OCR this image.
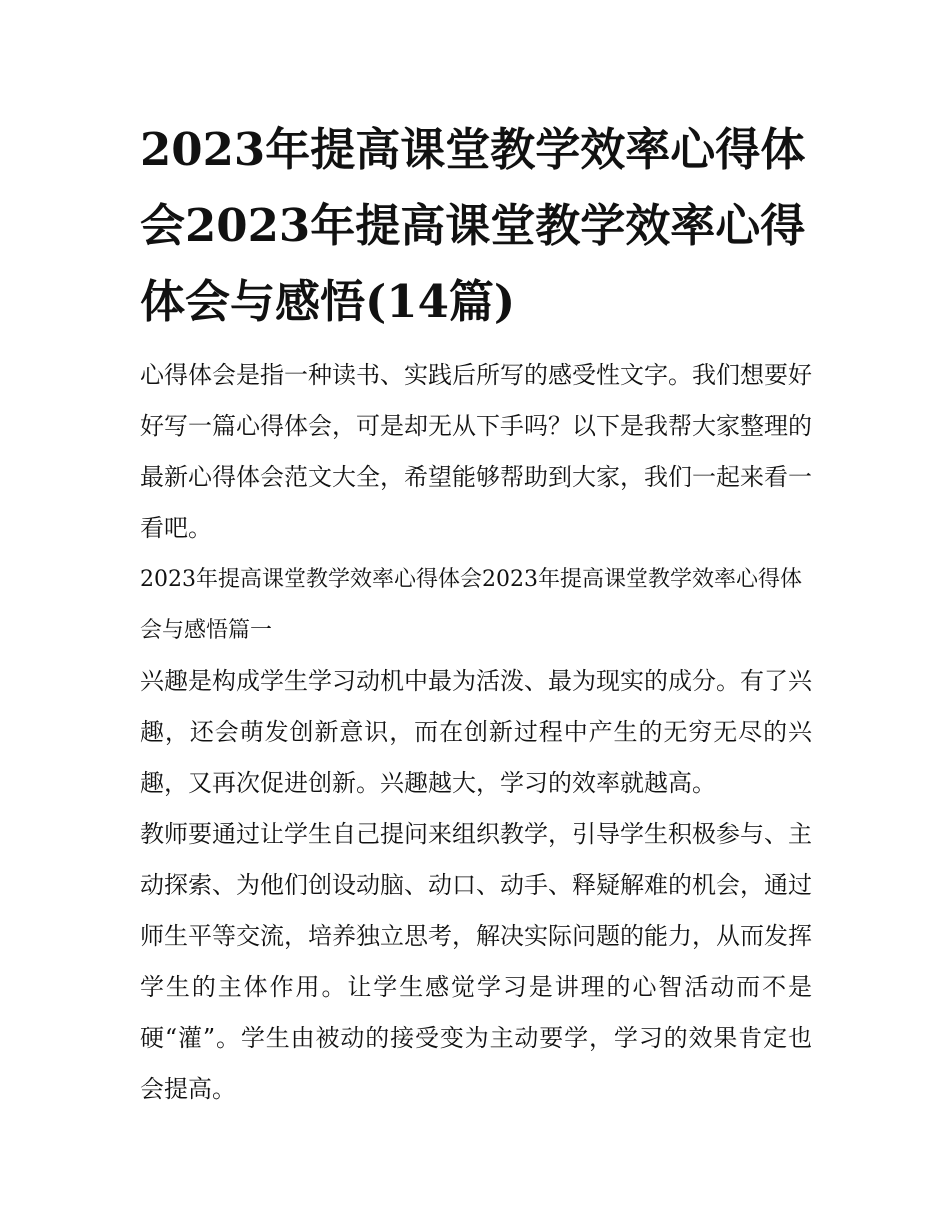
2023年提高课堂教学效率心得体会2023年提高课堂教学效率心得体会与感悟(14篇)

心得体会是指一种读书、实践后所写的感受性文字。我们想要好好写一篇心得体会，可是却无从下手吗？以下是我帮大家整理的最新心得体会范文大全，希望能够帮助到大家，我们一起来看一看吧。

2023年提高课堂教学效率心得体会2023年提高课堂教学效率心得体会与感悟篇一

兴趣是构成学生学习动机中最为活泼、最为现实的成分。有了兴趣，还会萌发创新意识，而在创新过程中产生的无穷无尽的兴趣，又再次促进创新。兴趣越大，学习的效率就越高。

教师要通过让学生自己提问来组织教学，引导学生积极参与、主动探索、为他们创设动脑、动口、动手、释疑解难的机会，通过师生平等交流，培养独立思考，解决实际问题的能力，从而发挥学生的主体作用。让学生感觉学习是讲理的心智活动而不是硬“灌”。学生由被动的接受变为主动要学，学习的效果肯定也会提高。
